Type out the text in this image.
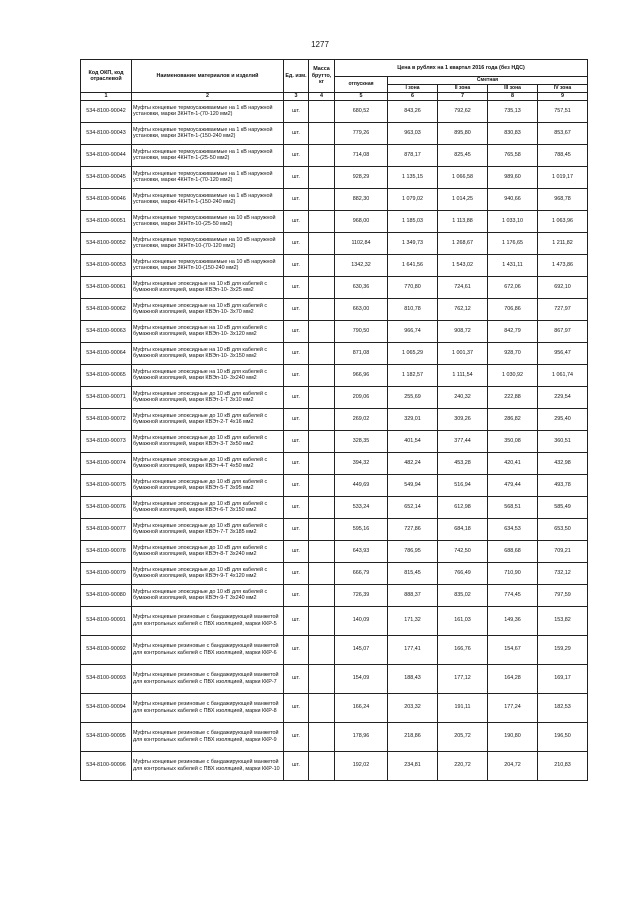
1277
Код ОКП, код отраслевой	Наименование материалов и изделий	Ед. изм.	Масса брутто, кг	Цена в рублях на 1 квартал 2016 года (без НДС)				
				отпускная	Сметная			
					I зона	II зона	III зона	IV зона
1	2	3	4	5	6	7	8	9
534-8100-90042	Муфты концевые термоусаживаемые на 1 кВ наружной установки, марки 3КНТп-1-(70-120 мм2)	шт.		680,52	843,26	792,62	735,13	757,51
534-8100-90043	Муфты концевые термоусаживаемые на 1 кВ наружной установки, марки 3КНТп-1-(150-240 мм2)	шт.		779,26	963,03	895,80	830,83	853,67
534-8100-90044	Муфты концевые термоусаживаемые на 1 кВ наружной установки, марки 4КНТп-1-(25-50 мм2)	шт.		714,08	878,17	825,45	765,58	788,45
534-8100-90045	Муфты концевые термоусаживаемые на 1 кВ наружной установки, марки 4КНТп-1-(70-120 мм2)	шт.		928,29	1 135,15	1 066,58	989,60	1 019,17
534-8100-90046	Муфты концевые термоусаживаемые на 1 кВ наружной установки, марки 4КНТп-1-(150-240 мм2)	шт.		882,30	1 079,02	1 014,25	940,66	968,78
534-8100-90051	Муфты концевые термоусаживаемые на 10 кВ наружной установки, марки 3КНТп-10-(25-50 мм2)	шт.		968,00	1 185,03	1 113,88	1 033,10	1 063,96
534-8100-90052	Муфты концевые термоусаживаемые на 10 кВ наружной установки, марки 3КНТп-10-(70-120 мм2)	шт.		1102,84	1 349,73	1 268,67	1 176,65	1 211,82
534-8100-90053	Муфты концевые термоусаживаемые на 10 кВ наружной установки, марки 3КНТп-10-(150-240 мм2)	шт.		1342,32	1 641,56	1 543,02	1 431,11	1 473,86
534-8100-90061	Муфты концевые эпоксидные на 10 кВ для кабелей с бумажной изоляцией, марки КВЭп-10- 3х25 мм2	шт.		630,36	770,80	724,61	672,06	692,10
534-8100-90062	Муфты концевые эпоксидные на 10 кВ для кабелей с бумажной изоляцией, марки КВЭп-10- 3х70 мм2	шт.		663,00	810,78	762,12	706,86	727,97
534-8100-90063	Муфты концевые эпоксидные на 10 кВ для кабелей с бумажной изоляцией, марки КВЭп-10- 3х120 мм2	шт.		790,50	966,74	908,72	842,79	867,97
534-8100-90064	Муфты концевые эпоксидные на 10 кВ для кабелей с бумажной изоляцией, марки КВЭп-10- 3х150 мм2	шт.		871,08	1 065,29	1 001,37	928,70	956,47
534-8100-90065	Муфты концевые эпоксидные на 10 кВ для кабелей с бумажной изоляцией, марки КВЭп-10- 3х240 мм2	шт.		966,96	1 182,57	1 111,54	1 030,92	1 061,74
534-8100-90071	Муфты концевые эпоксидные до 10 кВ для кабелей с бумажной изоляцией, марки КВЭт-1-Т 3х10 мм2	шт.		209,06	255,69	240,32	222,88	229,54
534-8100-90072	Муфты концевые эпоксидные до 10 кВ для кабелей с бумажной изоляцией, марки КВЭт-2-Т 4х16 мм2	шт.		269,02	329,01	309,26	286,82	295,40
534-8100-90073	Муфты концевые эпоксидные до 10 кВ для кабелей с бумажной изоляцией, марки КВЭт-3-Т 3х50 мм2	шт.		328,35	401,54	377,44	350,08	360,51
534-8100-90074	Муфты концевые эпоксидные до 10 кВ для кабелей с бумажной изоляцией, марки КВЭт-4-Т 4х50 мм2	шт.		394,32	482,24	453,28	420,41	432,98
534-8100-90075	Муфты концевые эпоксидные до 10 кВ для кабелей с бумажной изоляцией, марки КВЭт-5-Т 3х95 мм2	шт.		449,69	549,94	516,94	479,44	493,78
534-8100-90076	Муфты концевые эпоксидные до 10 кВ для кабелей с бумажной изоляцией, марки КВЭт-6-Т 3х150 мм2	шт.		533,24	652,14	612,98	568,51	585,49
534-8100-90077	Муфты концевые эпоксидные до 10 кВ для кабелей с бумажной изоляцией, марки КВЭт-7-Т 3х185 мм2	шт.		595,16	727,86	684,18	634,53	653,50
534-8100-90078	Муфты концевые эпоксидные до 10 кВ для кабелей с бумажной изоляцией, марки КВЭт-8-Т 3х240 мм2	шт.		643,93	786,95	742,50	688,68	709,21
534-8100-90079	Муфты концевые эпоксидные до 10 кВ для кабелей с бумажной изоляцией, марки КВЭт-9-Т 4х120 мм2	шт.		666,79	815,45	766,49	710,90	732,12
534-8100-90080	Муфты концевые эпоксидные до 10 кВ для кабелей с бумажной изоляцией, марки КВЭт-9-Т 3х240 мм2	шт.		726,39	888,37	835,02	774,45	797,59
534-8100-90091	Муфты концевые резиновые с бандажирующей манжетой для контрольных кабелей с ПВХ изоляцией, марки ККР-5	шт.		140,09	171,32	161,03	149,36	153,82
534-8100-90092	Муфты концевые резиновые с бандажирующей манжетой для контрольных кабелей с ПВХ изоляцией, марки ККР-6	шт.		145,07	177,41	166,76	154,67	159,29
534-8100-90093	Муфты концевые резиновые с бандажирующей манжетой для контрольных кабелей с ПВХ изоляцией, марки ККР-7	шт.		154,09	188,43	177,12	164,28	169,17
534-8100-90094	Муфты концевые резиновые с бандажирующей манжетой для контрольных кабелей с ПВХ изоляцией, марки ККР-8	шт.		166,24	203,32	191,11	177,24	182,53
534-8100-90095	Муфты концевые резиновые с бандажирующей манжетой для контрольных кабелей с ПВХ изоляцией, марки ККР-9	шт.		178,96	218,86	205,72	190,80	196,50
534-8100-90096	Муфты концевые резиновые с бандажирующей манжетой для контрольных кабелей с ПВХ изоляцией, марки ККР-10	шт.		192,02	234,81	220,72	204,72	210,83
